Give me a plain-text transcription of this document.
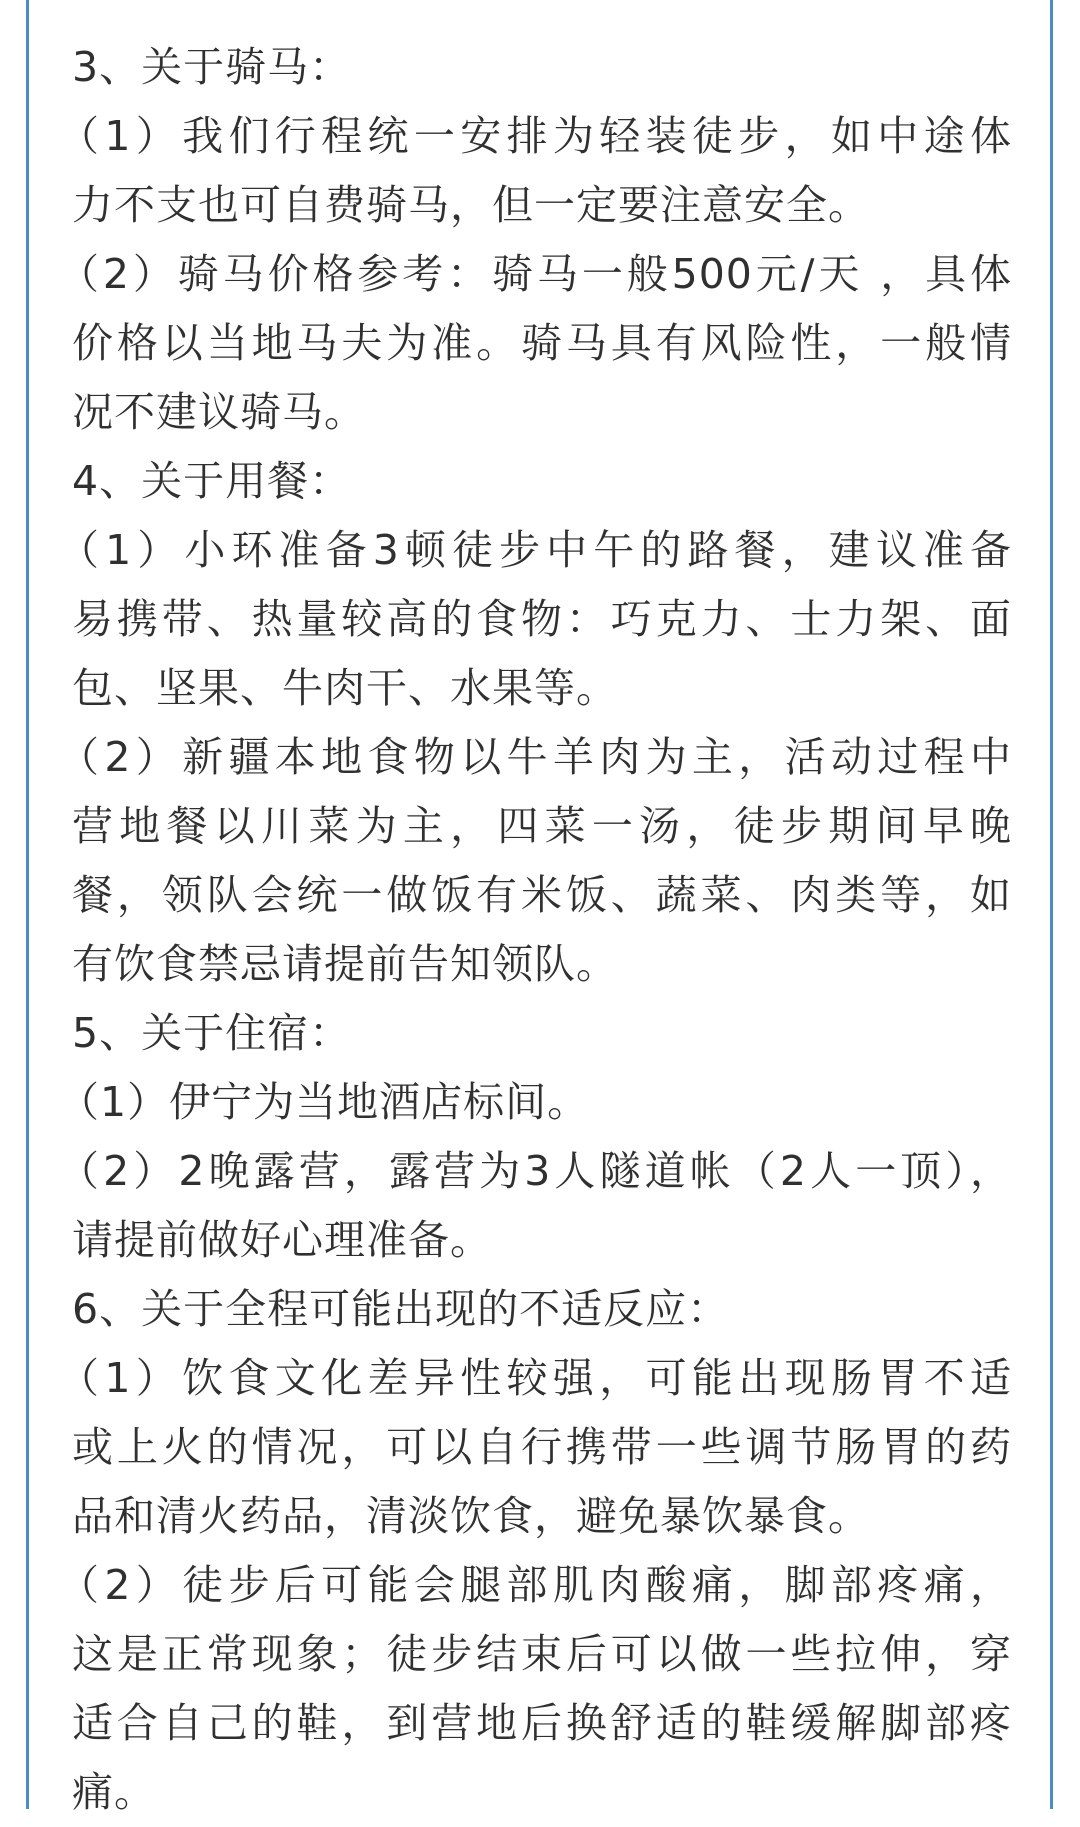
3、关于骑马：
（1）我们行程统一安排为轻装徒步，如中途体
力不支也可自费骑马，但一定要注意安全。
（2）骑马价格参考：骑马一般500元/天 ，具体
价格以当地马夫为准。骑马具有风险性，一般情
况不建议骑马。
4、关于用餐：
（1）小环准备3顿徒步中午的路餐，建议准备
易携带、热量较高的食物：巧克力、士力架、面
包、坚果、牛肉干、水果等。
（2）新疆本地食物以牛羊肉为主，活动过程中
营地餐以川菜为主，四菜一汤，徒步期间早晚
餐，领队会统一做饭有米饭、蔬菜、肉类等，如
有饮食禁忌请提前告知领队。
5、关于住宿：
（1）伊宁为当地酒店标间。
（2）2晚露营，露营为3人隧道帐（2人一顶），
请提前做好心理准备。
6、关于全程可能出现的不适反应：
（1）饮食文化差异性较强，可能出现肠胃不适
或上火的情况，可以自行携带一些调节肠胃的药
品和清火药品，清淡饮食，避免暴饮暴食。
（2）徒步后可能会腿部肌肉酸痛，脚部疼痛，
这是正常现象；徒步结束后可以做一些拉伸，穿
适合自己的鞋，到营地后换舒适的鞋缓解脚部疼
痛。
